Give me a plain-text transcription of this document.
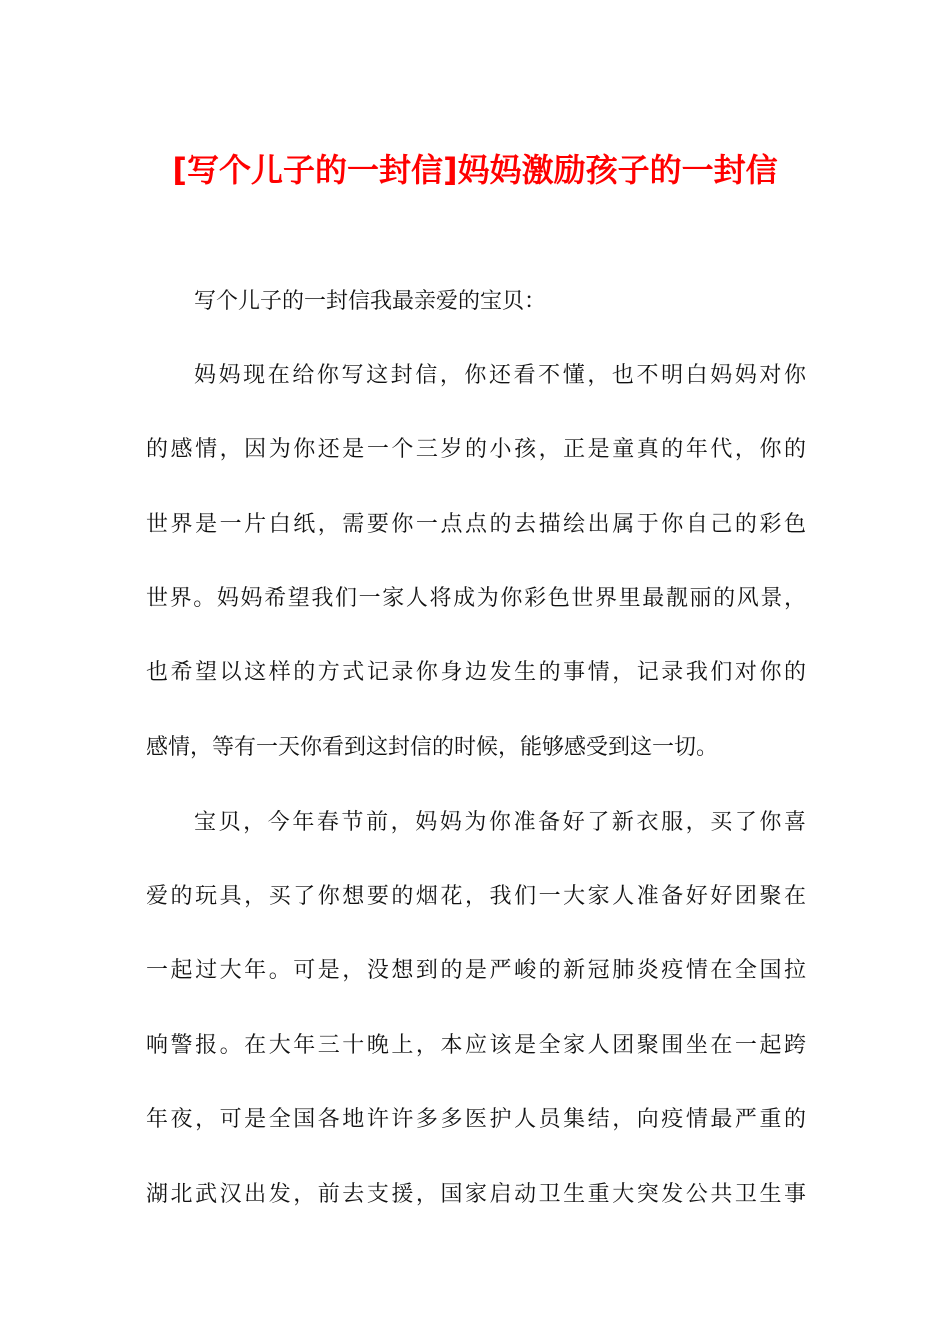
[写个儿子的一封信]妈妈激励孩子的一封信
写个儿子的一封信我最亲爱的宝贝：
妈妈现在给你写这封信，你还看不懂，也不明白妈妈对你
的感情，因为你还是一个三岁的小孩，正是童真的年代，你的
世界是一片白纸，需要你一点点的去描绘出属于你自己的彩色
世界。妈妈希望我们一家人将成为你彩色世界里最靓丽的风景，
也希望以这样的方式记录你身边发生的事情，记录我们对你的
感情，等有一天你看到这封信的时候，能够感受到这一切。
宝贝，今年春节前，妈妈为你准备好了新衣服，买了你喜
爱的玩具，买了你想要的烟花，我们一大家人准备好好团聚在
一起过大年。可是，没想到的是严峻的新冠肺炎疫情在全国拉
响警报。在大年三十晚上，本应该是全家人团聚围坐在一起跨
年夜，可是全国各地许许多多医护人员集结，向疫情最严重的
湖北武汉出发，前去支援，国家启动卫生重大突发公共卫生事
